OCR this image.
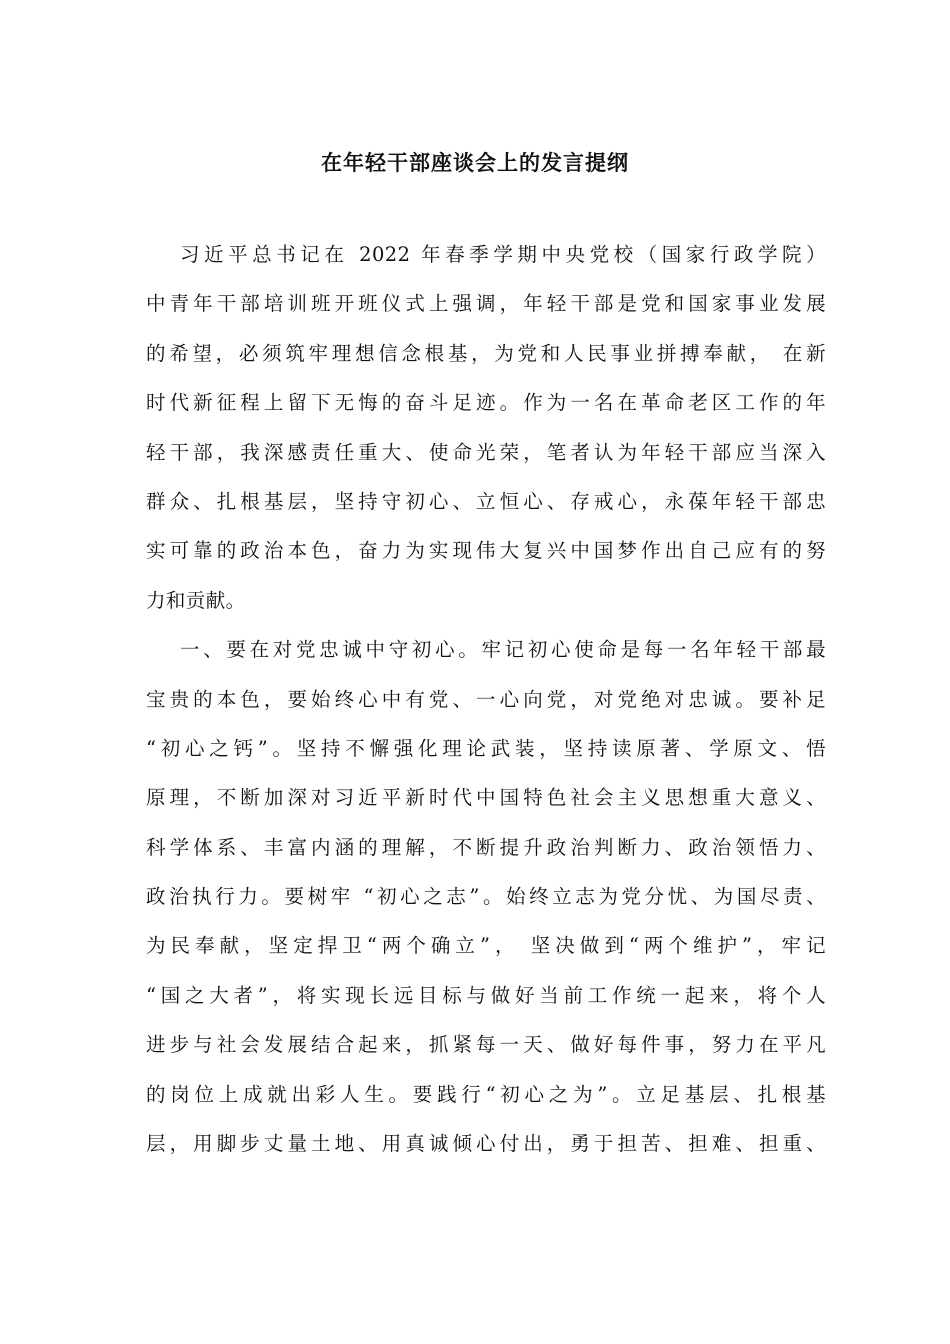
在年轻干部座谈会上的发言提纲
习近平总书记在 2022 年春季学期中央党校（国家行政学院）
中青年干部培训班开班仪式上强调，年轻干部是党和国家事业发展
的希望，必须筑牢理想信念根基，为党和人民事业拼搏奉献， 在新
时代新征程上留下无悔的奋斗足迹。作为一名在革命老区工作的年
轻干部，我深感责任重大、使命光荣，笔者认为年轻干部应当深入
群众、扎根基层，坚持守初心、立恒心、存戒心，永葆年轻干部忠
实可靠的政治本色，奋力为实现伟大复兴中国梦作出自己应有的努
力和贡献。
一、要在对党忠诚中守初心。牢记初心使命是每一名年轻干部最
宝贵的本色，要始终心中有党、一心向党，对党绝对忠诚。要补足
“初心之钙”。坚持不懈强化理论武装，坚持读原著、学原文、悟
原理，不断加深对习近平新时代中国特色社会主义思想重大意义、
科学体系、丰富内涵的理解，不断提升政治判断力、政治领悟力、
政治执行力。要树牢 “初心之志”。始终立志为党分忧、为国尽责、
为民奉献，坚定捍卫“两个确立”， 坚决做到“两个维护”，牢记
“国之大者”，将实现长远目标与做好当前工作统一起来，将个人
进步与社会发展结合起来，抓紧每一天、做好每件事，努力在平凡
的岗位上成就出彩人生。要践行“初心之为”。立足基层、扎根基
层，用脚步丈量土地、用真诚倾心付出，勇于担苦、担难、担重、
